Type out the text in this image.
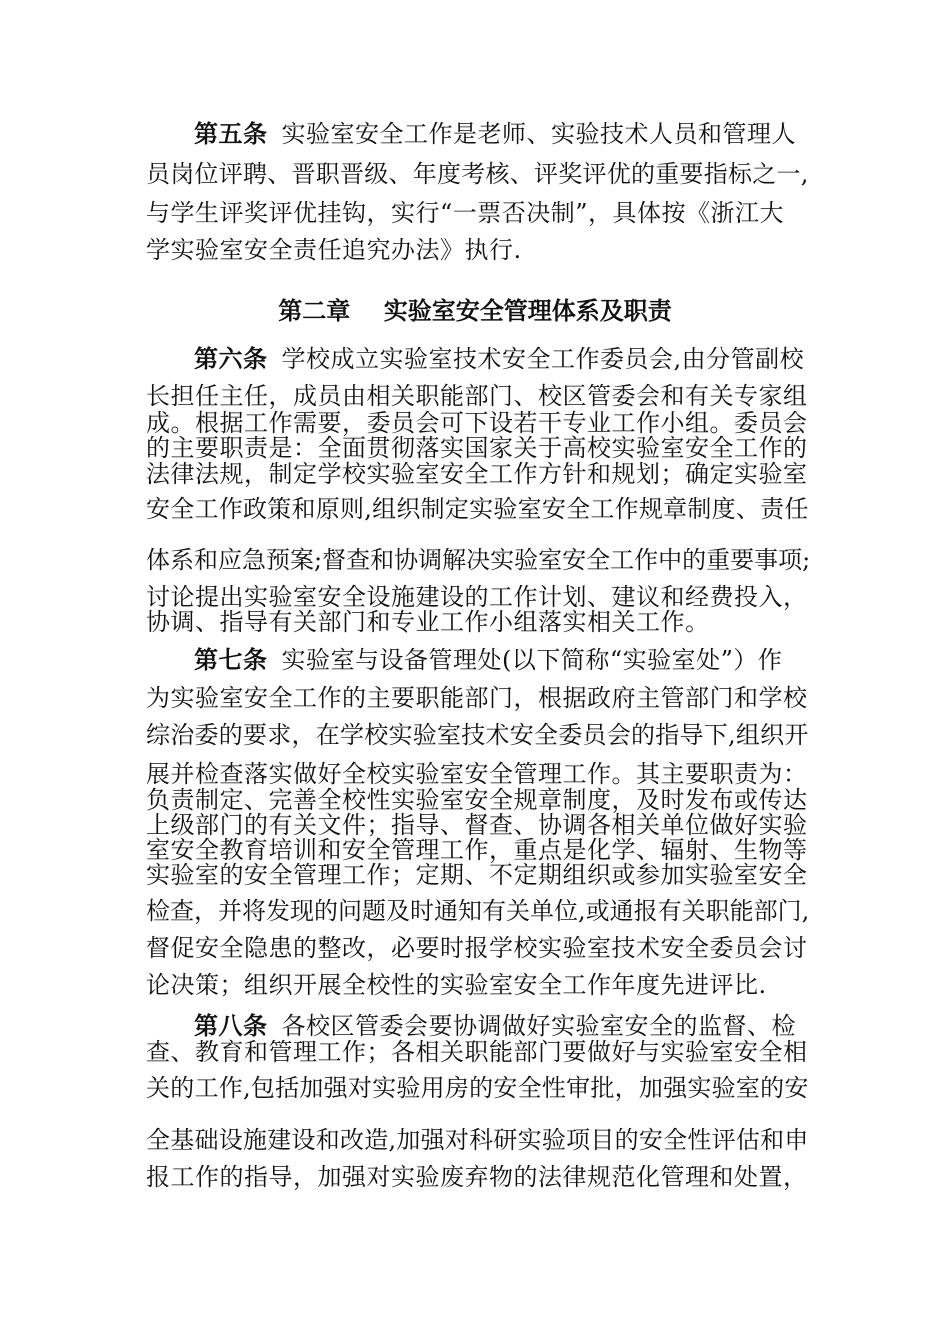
第五条 实验室安全工作是老师、实验技术人员和管理人
员岗位评聘、晋职晋级、年度考核、评奖评优的重要指标之一,
与学生评奖评优挂钩，实行“一票否决制”，具体按《浙江大
学实验室安全责任追究办法》执行.
第二章    实验室安全管理体系及职责
第六条 学校成立实验室技术安全工作委员会,由分管副校
长担任主任，成员由相关职能部门、校区管委会和有关专家组
成。根据工作需要，委员会可下设若干专业工作小组。委员会
的主要职责是：全面贯彻落实国家关于高校实验室安全工作的
法律法规，制定学校实验室安全工作方针和规划；确定实验室
安全工作政策和原则,组织制定实验室安全工作规章制度、责任
体系和应急预案;督查和协调解决实验室安全工作中的重要事项;
讨论提出实验室安全设施建设的工作计划、建议和经费投入，
协调、指导有关部门和专业工作小组落实相关工作。
第七条 实验室与设备管理处(以下简称“实验室处”）作
为实验室安全工作的主要职能部门，根据政府主管部门和学校
综治委的要求，在学校实验室技术安全委员会的指导下,组织开
展并检查落实做好全校实验室安全管理工作。其主要职责为：
负责制定、完善全校性实验室安全规章制度，及时发布或传达
上级部门的有关文件；指导、督查、协调各相关单位做好实验
室安全教育培训和安全管理工作，重点是化学、辐射、生物等
实验室的安全管理工作；定期、不定期组织或参加实验室安全
检查，并将发现的问题及时通知有关单位,或通报有关职能部门,
督促安全隐患的整改，必要时报学校实验室技术安全委员会讨
论决策；组织开展全校性的实验室安全工作年度先进评比.
第八条 各校区管委会要协调做好实验室安全的监督、检
查、教育和管理工作；各相关职能部门要做好与实验室安全相
关的工作,包括加强对实验用房的安全性审批，加强实验室的安
全基础设施建设和改造,加强对科研实验项目的安全性评估和申
报工作的指导，加强对实验废弃物的法律规范化管理和处置，
